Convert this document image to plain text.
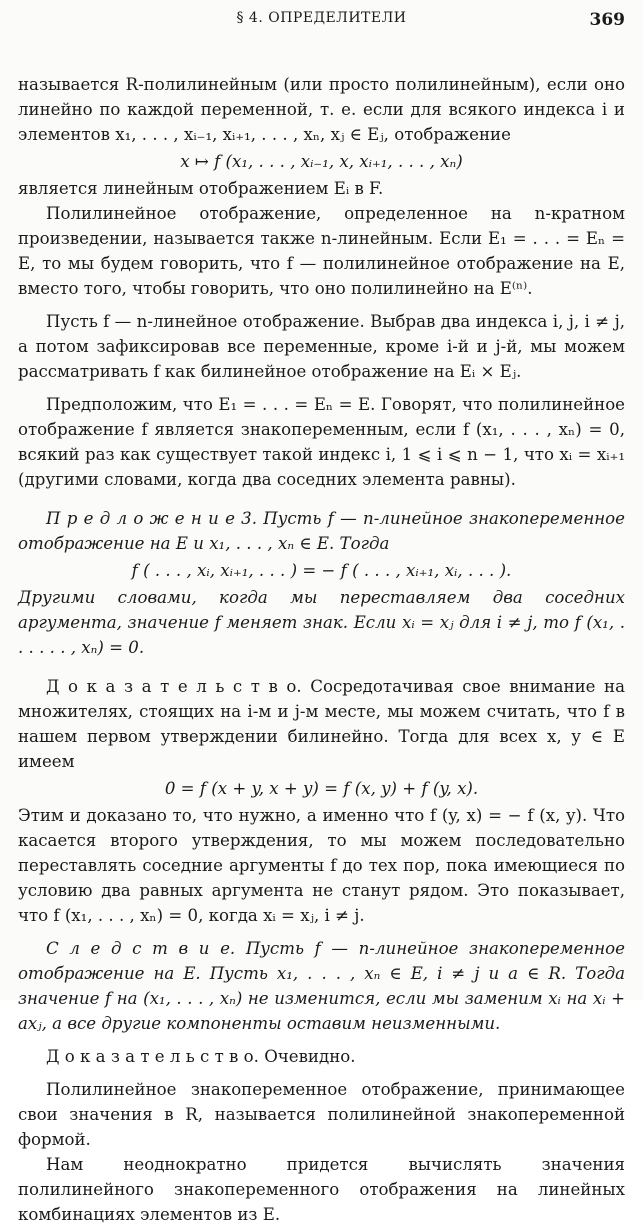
§ 4. ОПРЕДЕЛИТЕЛИ	369

называется R-полилинейным (или просто полилинейным), если оно линейно по каждой переменной, т. е. если для всякого индекса i и элементов x₁, . . . , xᵢ₋₁, xᵢ₊₁, . . . , xₙ, xⱼ ∈ Eⱼ, отображение

x ↦ f (x₁, . . . , xᵢ₋₁, x, xᵢ₊₁, . . . , xₙ)

является линейным отображением Eᵢ в F.

Полилинейное отображение, определенное на n-кратном произведении, называется также n-линейным. Если E₁ = . . . = Eₙ = E, то мы будем говорить, что f — полилинейное отображение на E, вместо того, чтобы говорить, что оно полилинейно на E⁽ⁿ⁾.

Пусть f — n-линейное отображение. Выбрав два индекса i, j, i ≠ j, а потом зафиксировав все переменные, кроме i-й и j-й, мы можем рассматривать f как билинейное отображение на Eᵢ × Eⱼ.

Предположим, что E₁ = . . . = Eₙ = E. Говорят, что полилинейное отображение f является знакопеременным, если f (x₁, . . . , xₙ) = 0, всякий раз как существует такой индекс i, 1 ⩽ i ⩽ n − 1, что xᵢ = xᵢ₊₁ (другими словами, когда два соседних элемента равны).

П р е д л о ж е н и е 3. Пусть f — n-линейное знакопеременное отображение на E и x₁, . . . , xₙ ∈ E. Тогда

f ( . . . , xᵢ, xᵢ₊₁, . . . ) = − f ( . . . , xᵢ₊₁, xᵢ, . . . ).

Другими словами, когда мы переставляем два соседних аргумента, значение f меняет знак. Если xᵢ = xⱼ для i ≠ j, то f (x₁, . . . . . . , xₙ) = 0.

Д о к а з а т е л ь с т в о. Сосредотачивая свое внимание на множителях, стоящих на i-м и j-м месте, мы можем считать, что f в нашем первом утверждении билинейно. Тогда для всех x, y ∈ E имеем

0 = f (x + y, x + y) = f (x, y) + f (y, x).

Этим и доказано то, что нужно, а именно что f (y, x) = − f (x, y). Что касается второго утверждения, то мы можем последовательно переставлять соседние аргументы f до тех пор, пока имеющиеся по условию два равных аргумента не станут рядом. Это показывает, что f (x₁, . . . , xₙ) = 0, когда xᵢ = xⱼ, i ≠ j.

С л е д с т в и е. Пусть f — n-линейное знакопеременное отображение на E. Пусть x₁, . . . , xₙ ∈ E, i ≠ j и a ∈ R. Тогда значение f на (x₁, . . . , xₙ) не изменится, если мы заменим xᵢ на xᵢ + axⱼ, а все другие компоненты оставим неизменными.

Д о к а з а т е л ь с т в о. Очевидно.

Полилинейное знакопеременное отображение, принимающее свои значения в R, называется полилинейной знакопеременной формой.

Нам неоднократно придется вычислять значения полилинейного знакопеременного отображения на линейных комбинациях элементов из E.
